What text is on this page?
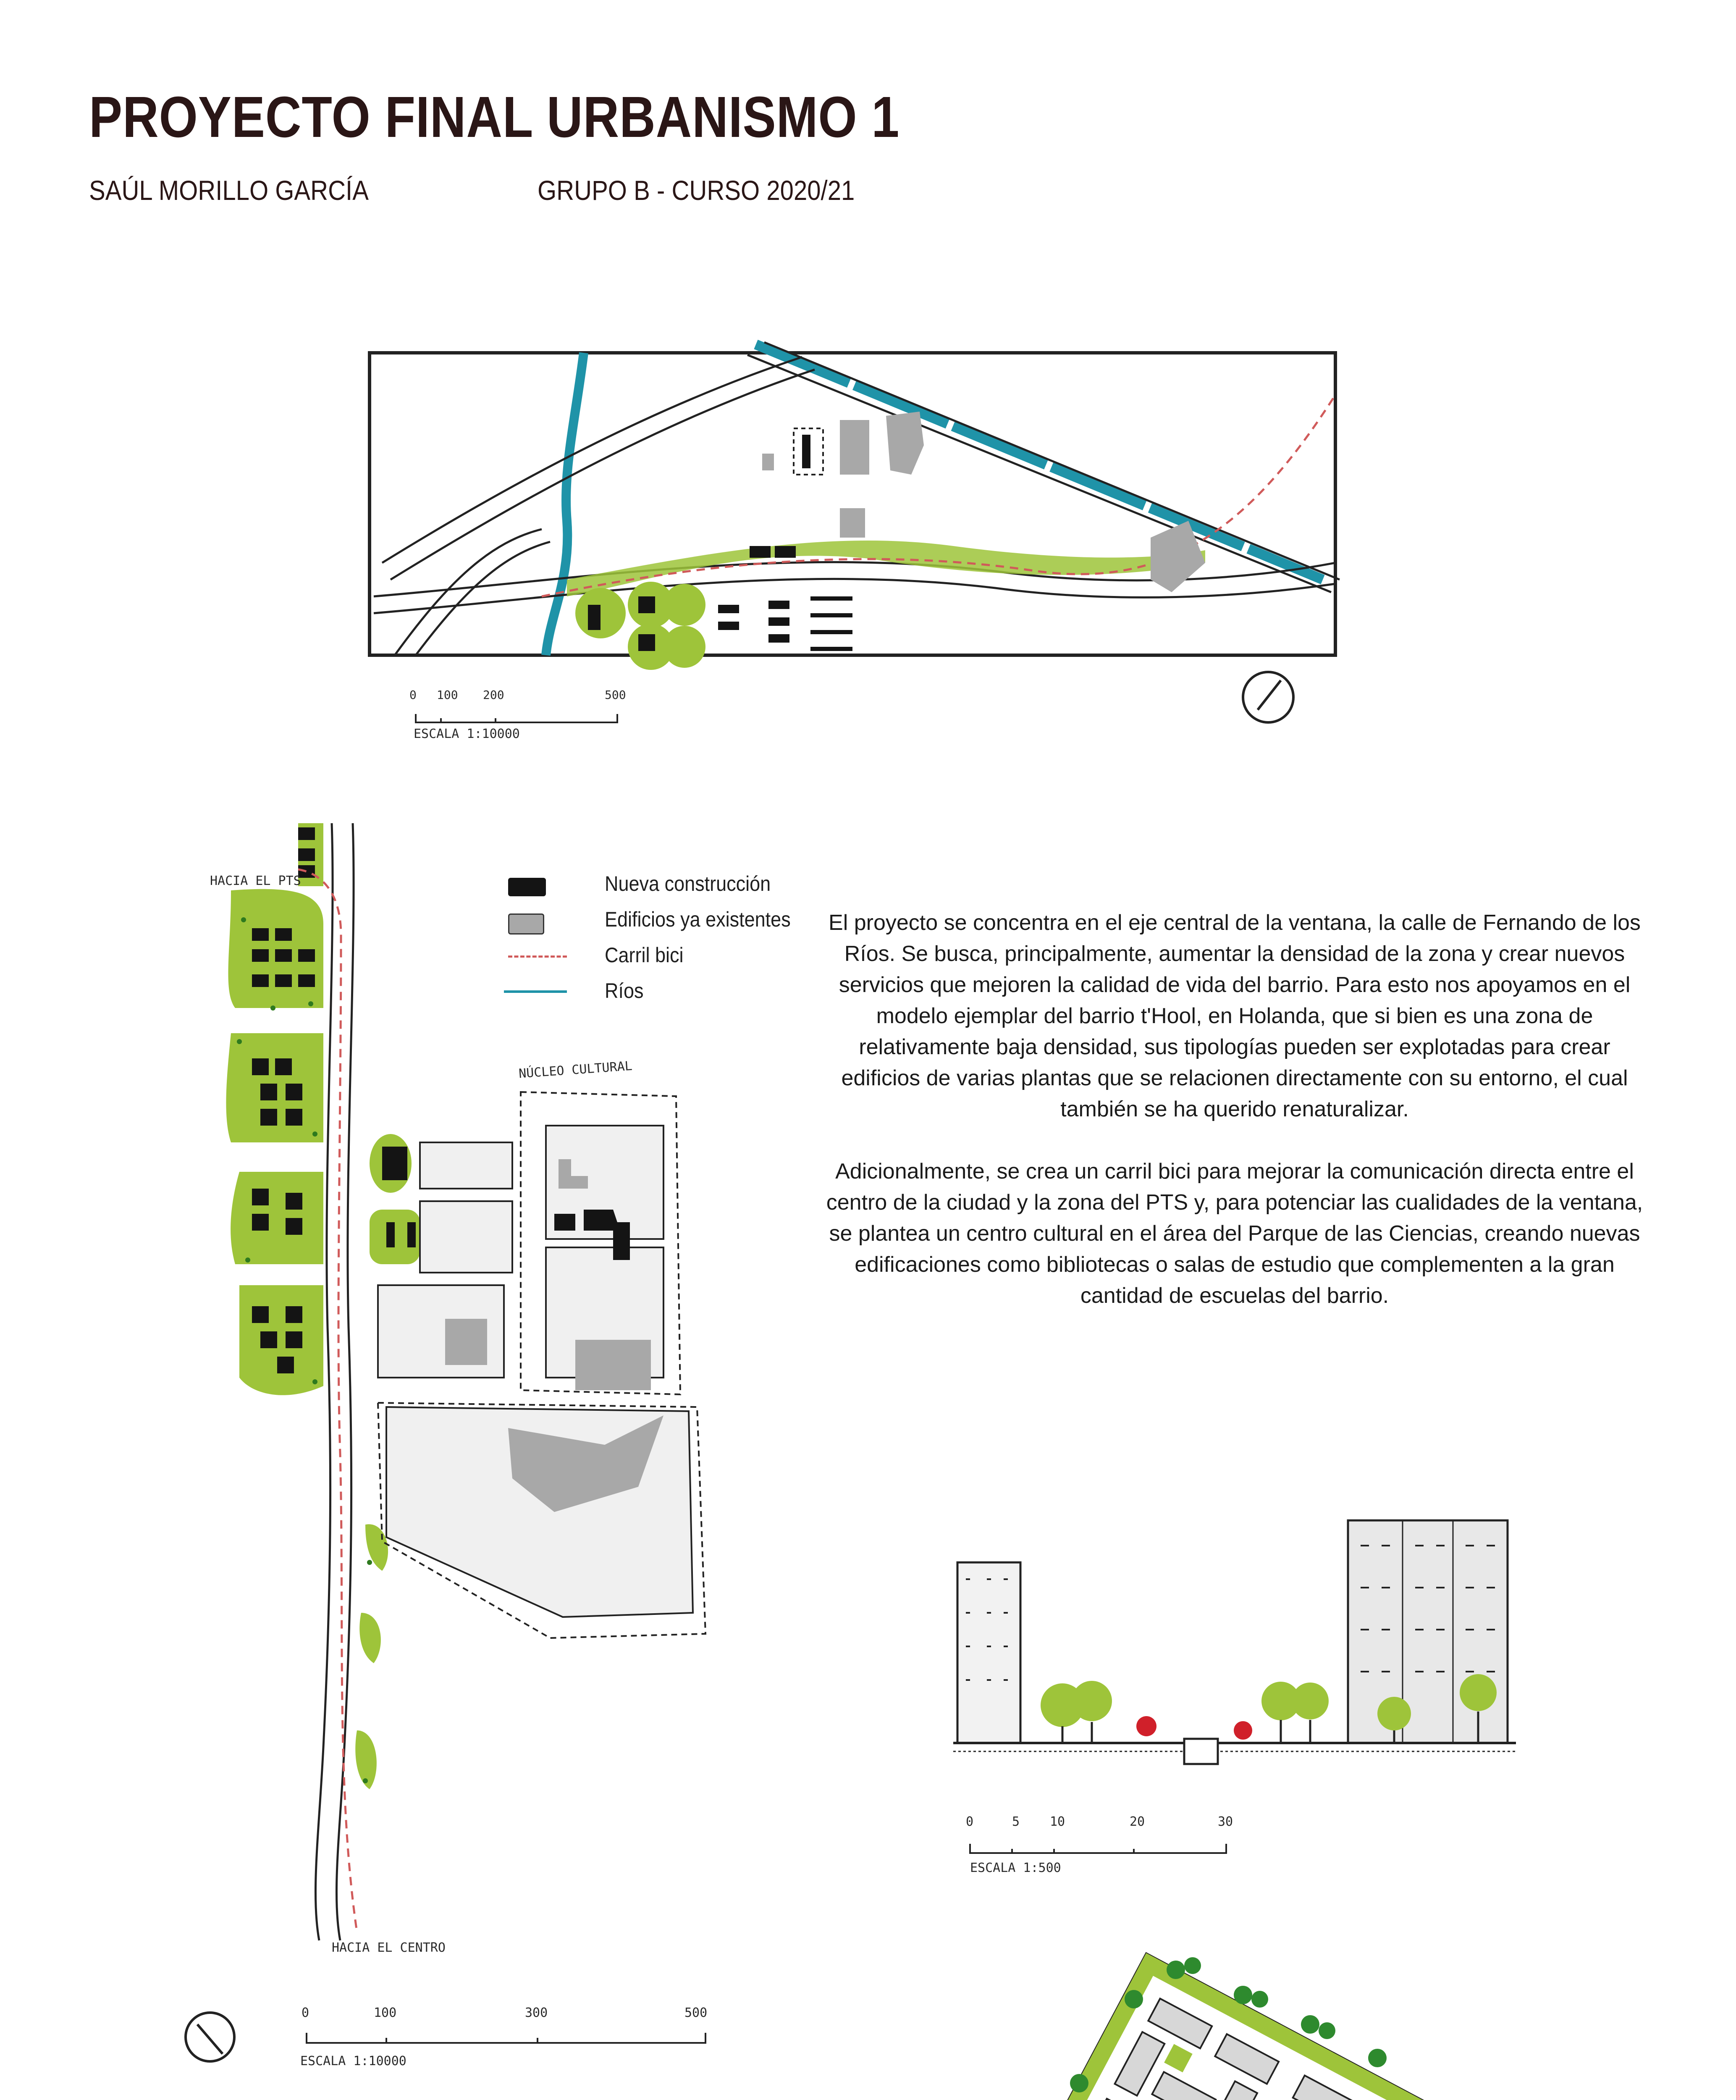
PROYECTO FINAL URBANISMO 1
SAÚL MORILLO GARCÍA	GRUPO B - CURSO 2020/21
0 100 200	500
ESCALA 1:10000
HACIA EL PTS
NÚCLEO CULTURAL
HACIA EL CENTRO
0	100	300	500
ESCALA 1:10000
Nueva construcción
Edificios ya existentes
Carril bici
Ríos

El proyecto se concentra en el eje central de la ventana, la calle de Fernando de los Ríos. Se busca, principalmente, aumentar la densidad de la zona y crear nuevos servicios que mejoren la calidad de vida del barrio. Para esto nos apoyamos en el modelo ejemplar del barrio t'Hool, en Holanda, que si bien es una zona de relativamente baja densidad, sus tipologías pueden ser explotadas para crear edificios de varias plantas que se relacionen directamente con su entorno, el cual también se ha querido renaturalizar.

Adicionalmente, se crea un carril bici para mejorar la comunicación directa entre el centro de la ciudad y la zona del PTS y, para potenciar las cualidades de la ventana, se plantea un centro cultural en el área del Parque de las Ciencias, creando nuevas edificaciones como bibliotecas o salas de estudio que complementen a la gran cantidad de escuelas del barrio.

0	5 10	20	30
ESCALA 1:500
